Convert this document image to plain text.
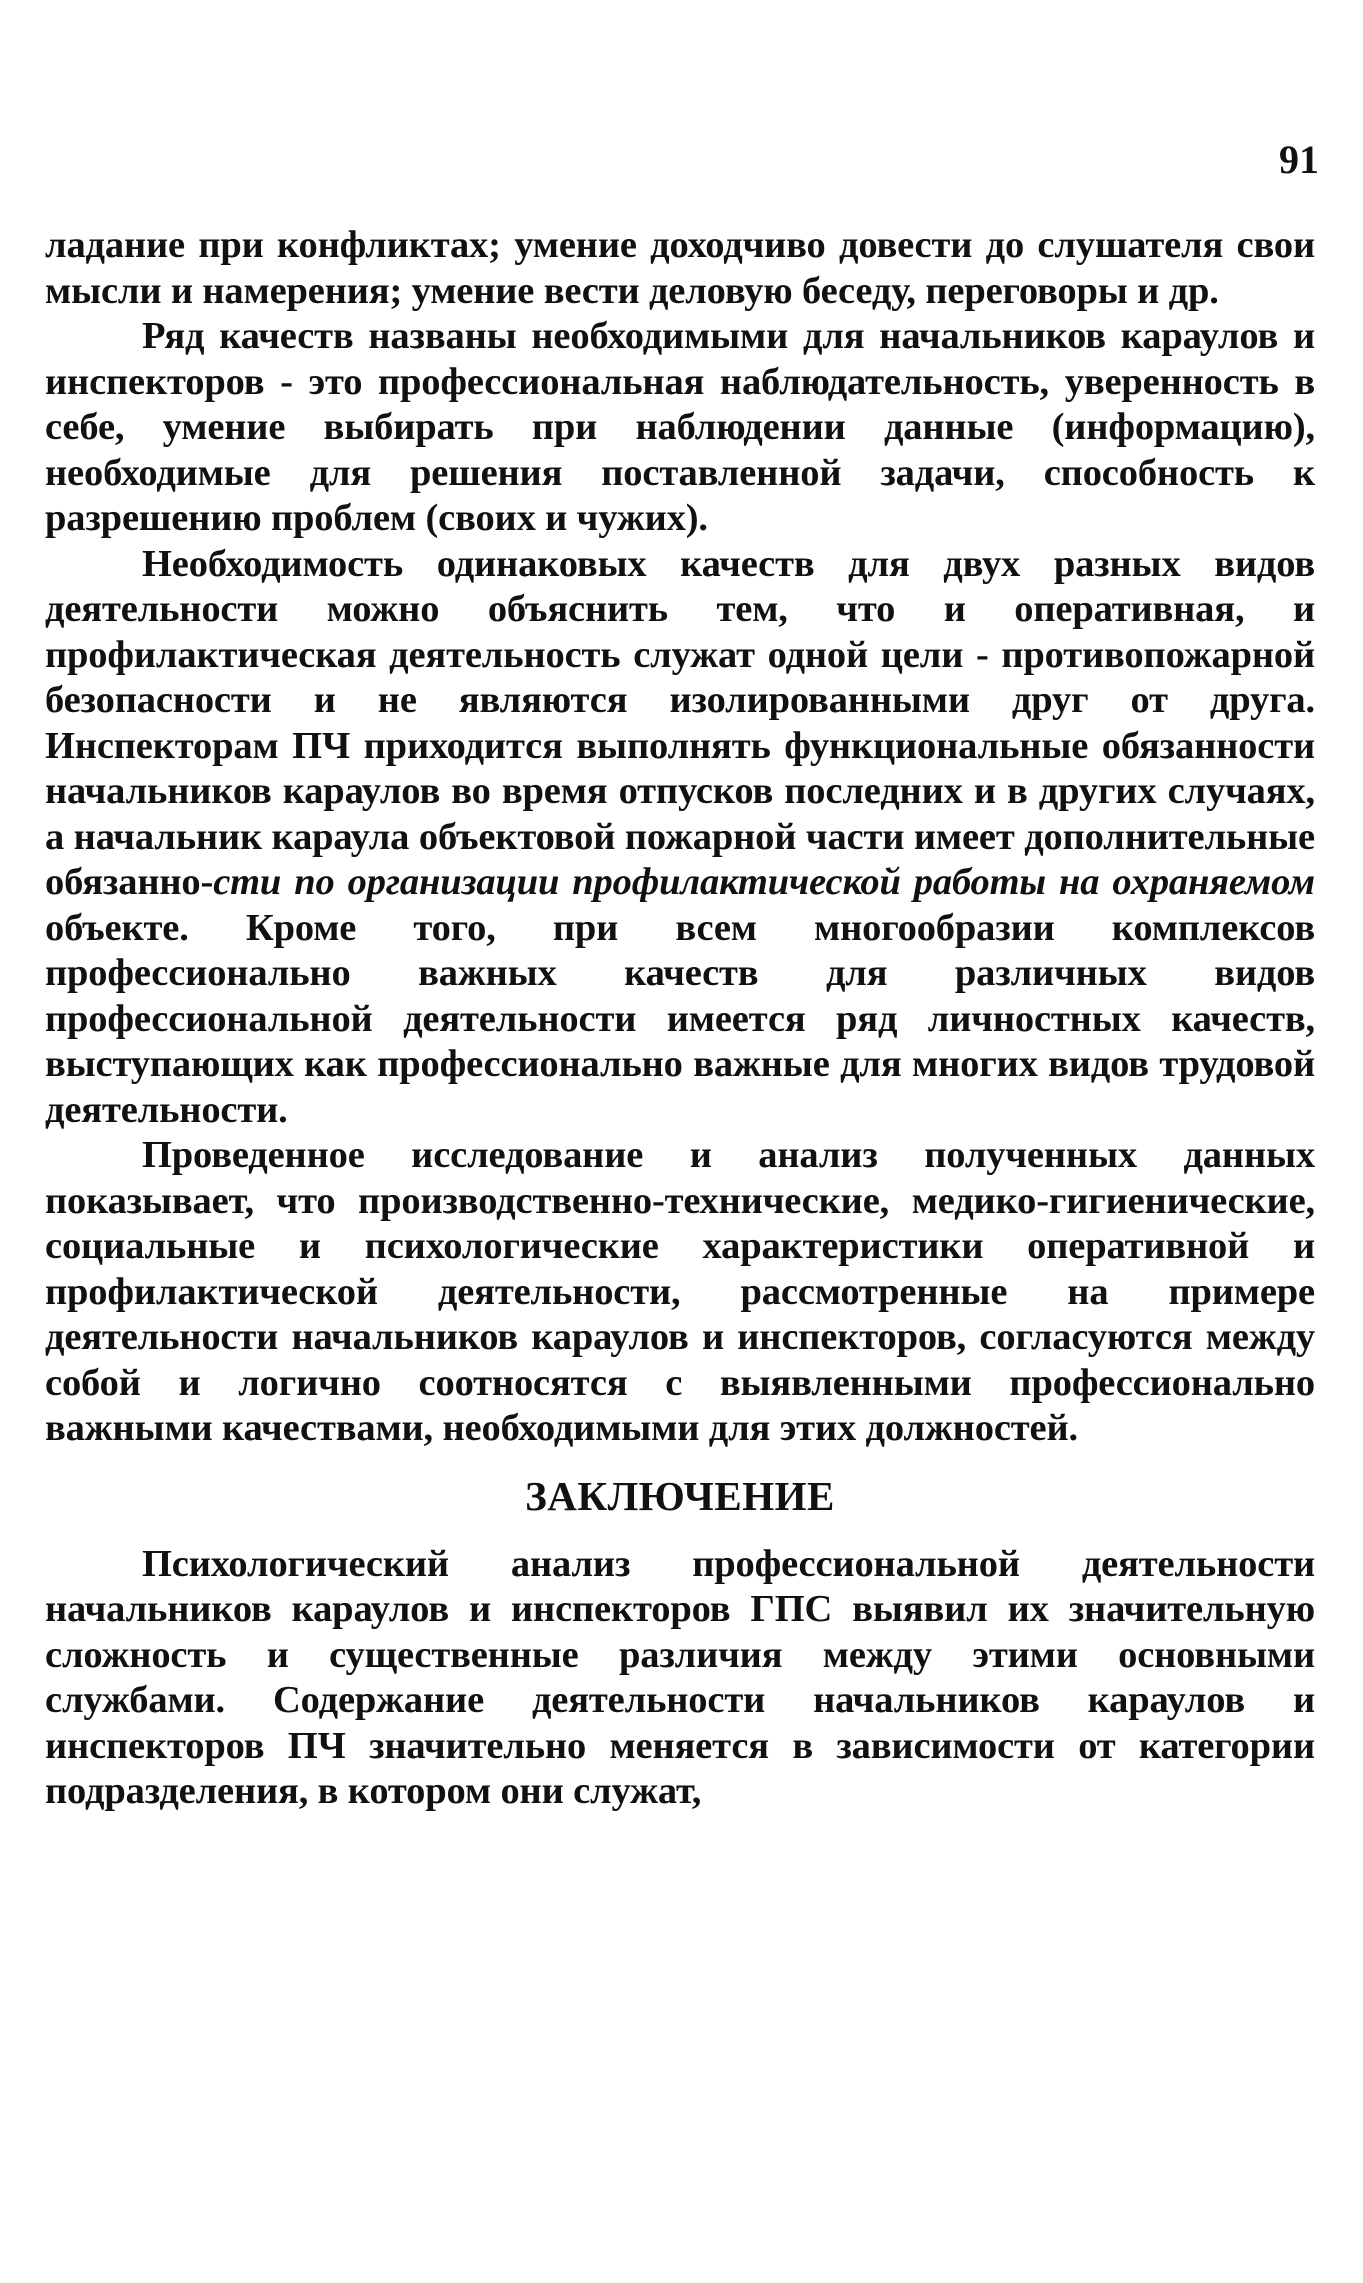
91

ладание при конфликтах; умение доходчиво довести до слушателя свои мысли и намерения; умение вести деловую беседу, переговоры и др.

Ряд качеств названы необходимыми для начальников караулов и инспекторов - это профессиональная наблюдательность, уверенность в себе, умение выбирать при наблюдении данные (информацию), необходимые для решения поставленной задачи, способность к разрешению проблем (своих и чужих).

Необходимость одинаковых качеств для двух разных видов деятельности можно объяснить тем, что и оперативная, и профилактическая деятельность служат одной цели - противопожарной безопасности и не являются изолированными друг от друга. Инспекторам ПЧ приходится выполнять функциональные обязанности начальников караулов во время отпусков последних и в других случаях, а начальник караула объектовой пожарной части имеет дополнительные обязанно-сти по организации профилактической работы на охраняемом объекте. Кроме того, при всем многообразии комплексов профессионально важных качеств для различных видов профессиональной деятельности имеется ряд личностных качеств, выступающих как профессионально важные для многих видов трудовой деятельности.

Проведенное исследование и анализ полученных данных показывает, что производственно-технические, медико-гигиенические, социальные и психологические характеристики оперативной и профилактической деятельности, рассмотренные на примере деятельности начальников караулов и инспекторов, согласуются между собой и логично соотносятся с выявленными профессионально важными качествами, необходимыми для этих должностей.

ЗАКЛЮЧЕНИЕ

Психологический анализ профессиональной деятельности начальников караулов и инспекторов ГПС выявил их значительную сложность и существенные различия между этими основными службами. Содержание деятельности начальников караулов и инспекторов ПЧ значительно меняется в зависимости от категории подразделения, в котором они служат,
